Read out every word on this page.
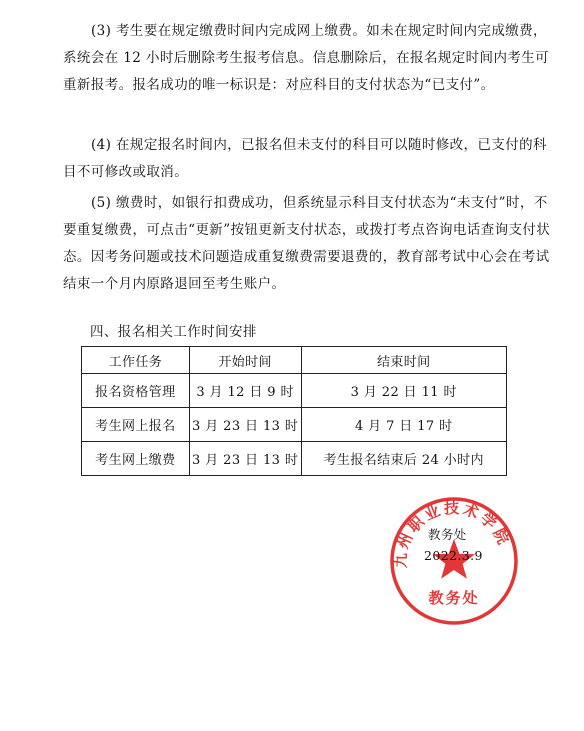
(3) 考生要在规定缴费时间内完成网上缴费。如未在规定时间内完成缴费，系统会在 12 小时后删除考生报考信息。信息删除后，在报名规定时间内考生可重新报考。报名成功的唯一标识是：对应科目的支付状态为“已支付”。

(4) 在规定报名时间内，已报名但未支付的科目可以随时修改，已支付的科目不可修改或取消。

(5) 缴费时，如银行扣费成功，但系统显示科目支付状态为“未支付”时，不要重复缴费，可点击“更新”按钮更新支付状态，或拨打考点咨询电话查询支付状态。因考务问题或技术问题造成重复缴费需要退费的，教育部考试中心会在考试结束一个月内原路退回至考生账户。

四、报名相关工作时间安排

工作任务	开始时间	结束时间
报名资格管理	3 月 12 日 9 时	3 月 22 日 11 时
考生网上报名	3 月 23 日 13 时	4 月 7 日 17 时
考生网上缴费	3 月 23 日 13 时	考生报名结束后 24 小时内
九州职业技术学院
教务处
教务处
2022.3.9
